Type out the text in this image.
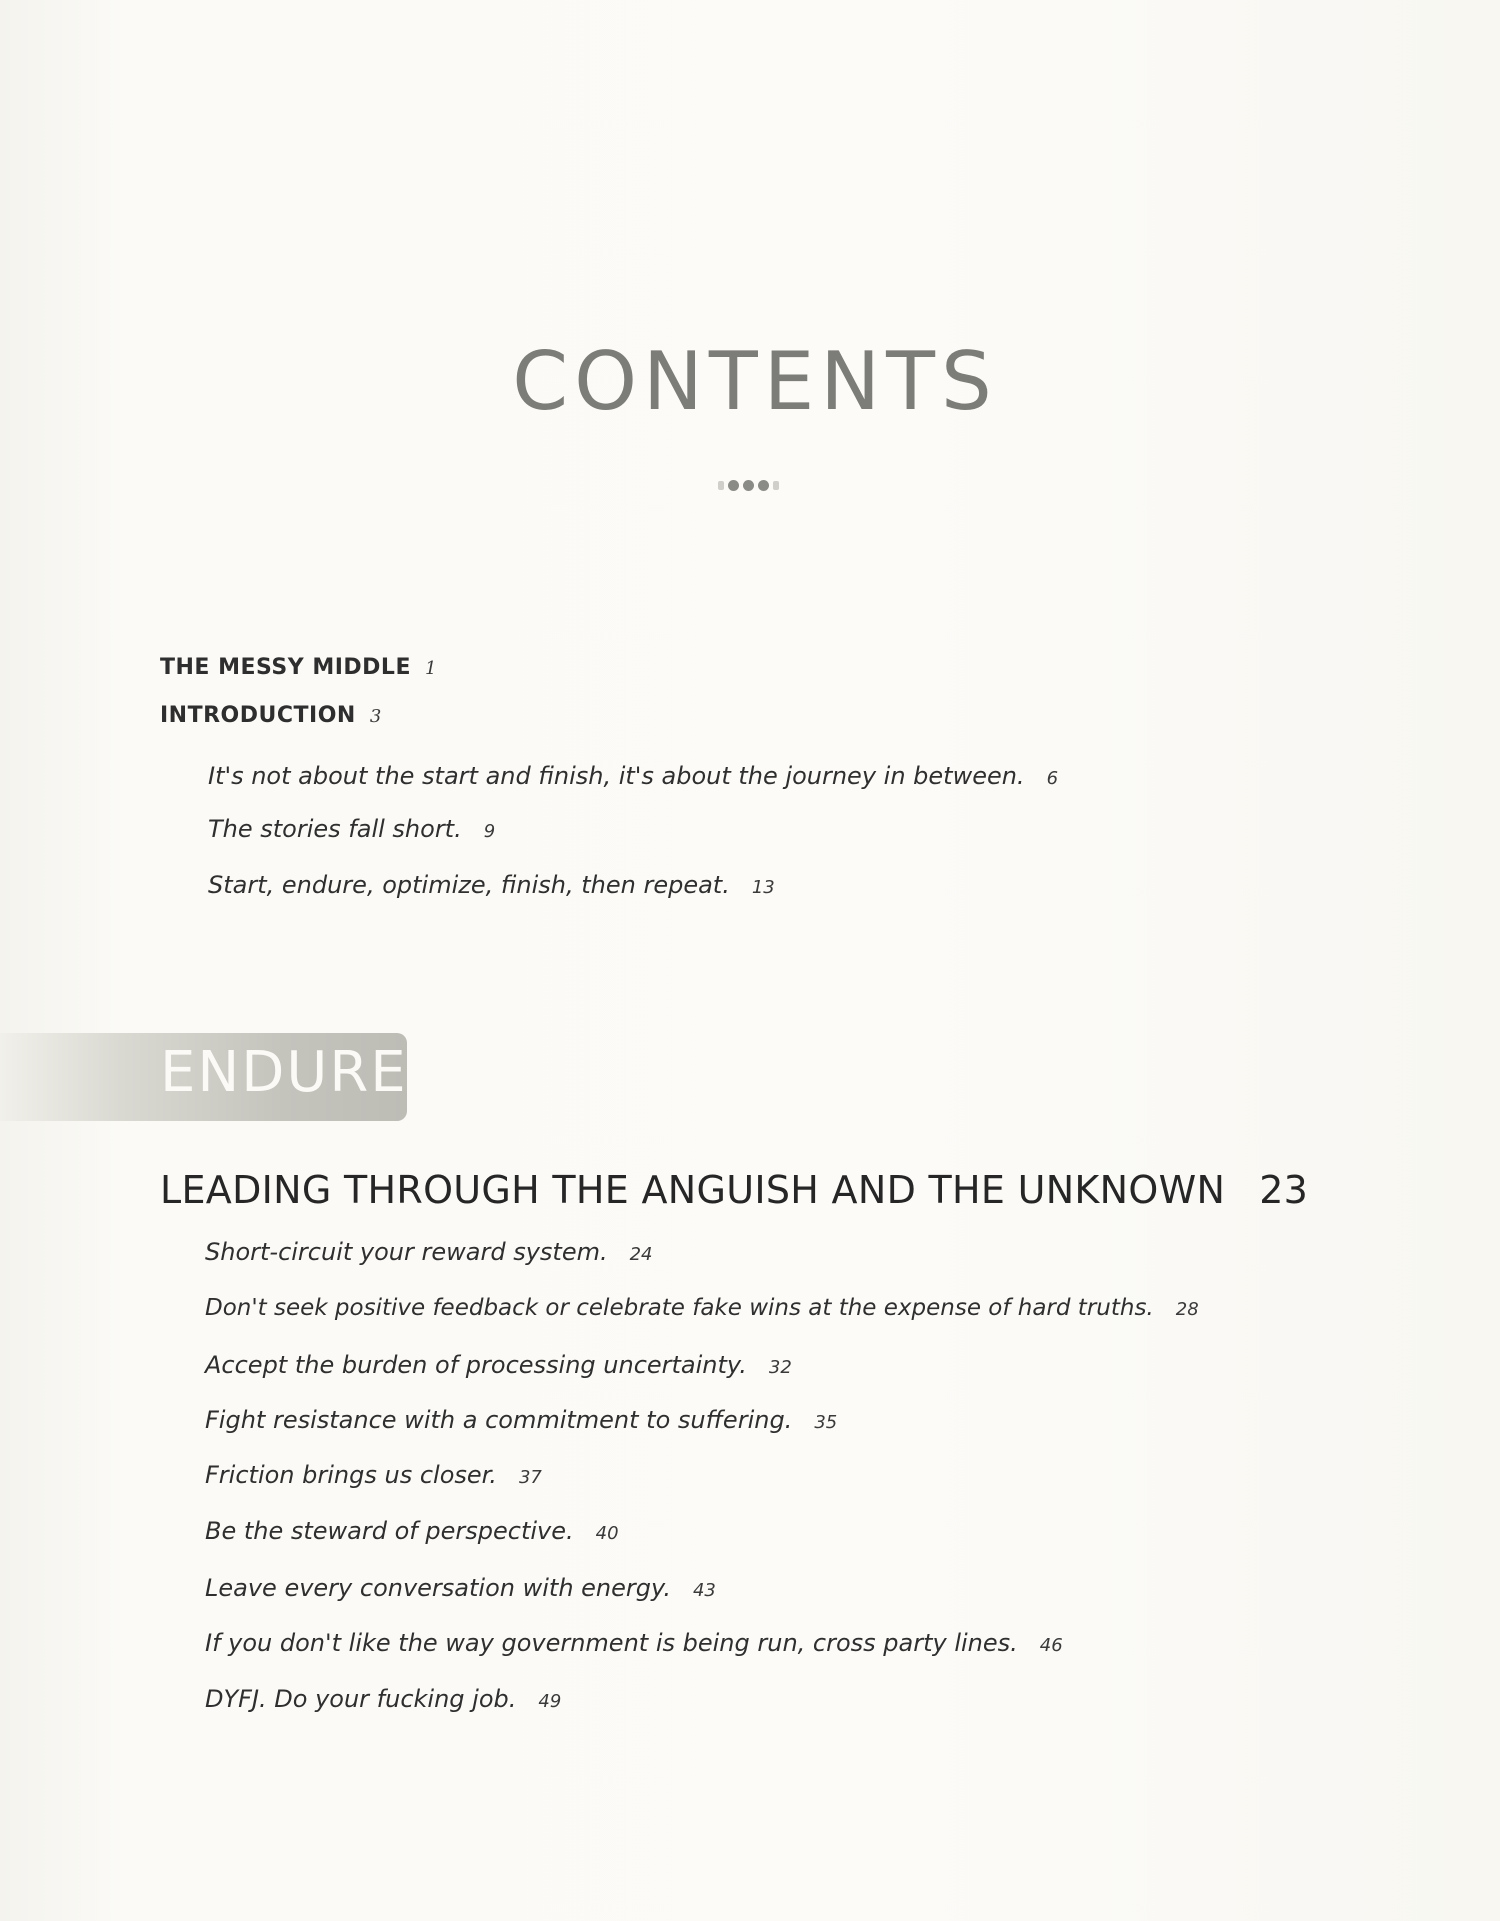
CONTENTS
THE MESSY MIDDLE 1
INTRODUCTION 3
It's not about the start and finish, it's about the journey in between. 6
The stories fall short. 9
Start, endure, optimize, finish, then repeat. 13
ENDURE
LEADING THROUGH THE ANGUISH AND THE UNKNOWN 23
Short-circuit your reward system. 24
Don't seek positive feedback or celebrate fake wins at the expense of hard truths. 28
Accept the burden of processing uncertainty. 32
Fight resistance with a commitment to suffering. 35
Friction brings us closer. 37
Be the steward of perspective. 40
Leave every conversation with energy. 43
If you don't like the way government is being run, cross party lines. 46
DYFJ. Do your fucking job. 49
